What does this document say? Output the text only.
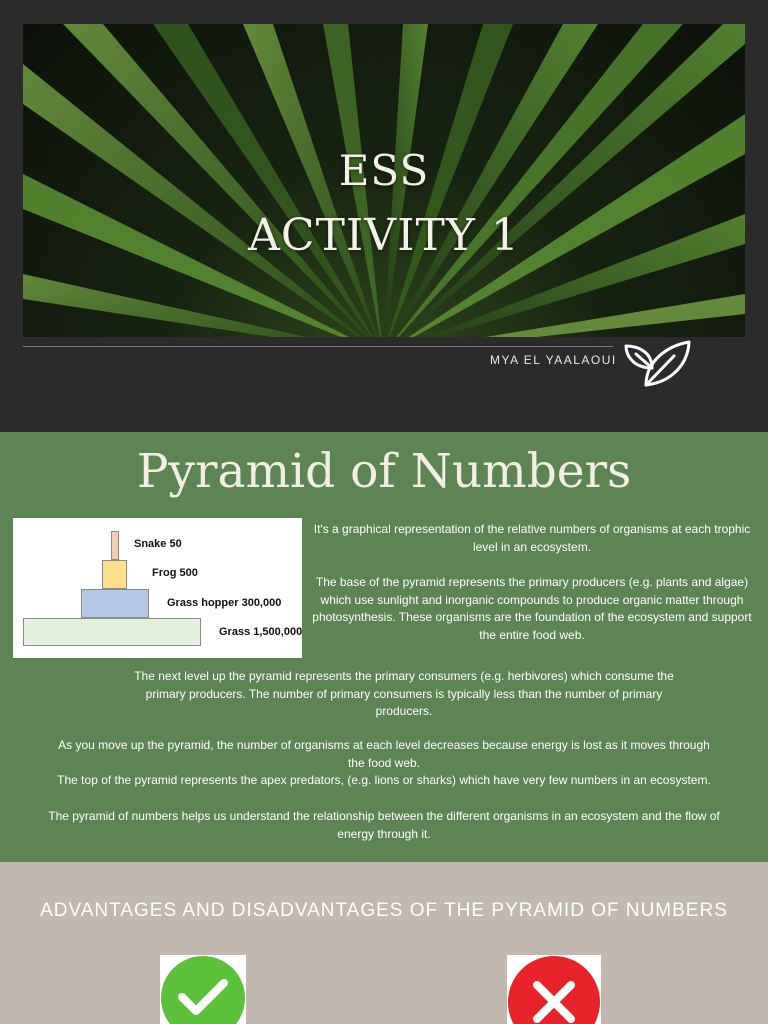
ESS
ACTIVITY 1
MYA EL YAALAOUI
Pyramid of Numbers
Snake 50
Frog 500
Grass hopper 300,000
Grass 1,500,000
It's a graphical representation of the relative numbers of organisms at each trophic level in an ecosystem.
The base of the pyramid represents the primary producers (e.g. plants and algae) which use sunlight and inorganic compounds to produce organic matter through photosynthesis. These organisms are the foundation of the ecosystem and support the entire food web.
The next level up the pyramid represents the primary consumers (e.g. herbivores) which consume the primary producers. The number of primary consumers is typically less than the number of primary producers.
As you move up the pyramid, the number of organisms at each level decreases because energy is lost as it moves through the food web.
The top of the pyramid represents the apex predators, (e.g. lions or sharks) which have very few numbers in an ecosystem.
The pyramid of numbers helps us understand the relationship between the different organisms in an ecosystem and the flow of energy through it.
ADVANTAGES AND DISADVANTAGES OF THE PYRAMID OF NUMBERS
